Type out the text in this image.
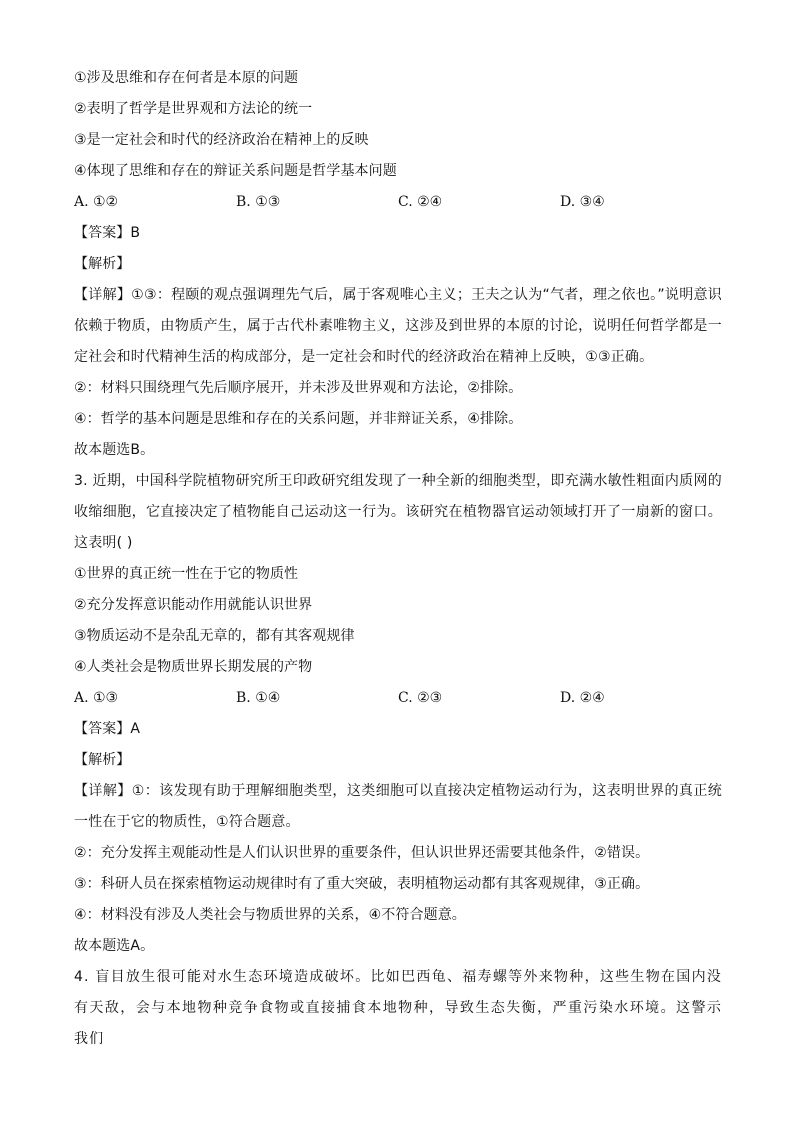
①涉及思维和存在何者是本原的问题
②表明了哲学是世界观和方法论的统一
③是一定社会和时代的经济政治在精神上的反映
④体现了思维和存在的辩证关系问题是哲学基本问题
A. ①②	B. ①③	C. ②④	D. ③④
【答案】B
【解析】
【详解】①③：程颐的观点强调理先气后，属于客观唯心主义；王夫之认为“气者，理之依也。”说明意识依赖于物质，由物质产生，属于古代朴素唯物主义，这涉及到世界的本原的讨论，说明任何哲学都是一定社会和时代精神生活的构成部分，是一定社会和时代的经济政治在精神上反映，①③正确。
②：材料只围绕理气先后顺序展开，并未涉及世界观和方法论，②排除。
④：哲学的基本问题是思维和存在的关系问题，并非辩证关系，④排除。
故本题选B。
3. 近期，中国科学院植物研究所王印政研究组发现了一种全新的细胞类型，即充满水敏性粗面内质网的收缩细胞，它直接决定了植物能自己运动这一行为。该研究在植物器官运动领域打开了一扇新的窗口。这表明( )
①世界的真正统一性在于它的物质性
②充分发挥意识能动作用就能认识世界
③物质运动不是杂乱无章的，都有其客观规律
④人类社会是物质世界长期发展的产物
A. ①③	B. ①④	C. ②③	D. ②④
【答案】A
【解析】
【详解】①：该发现有助于理解细胞类型，这类细胞可以直接决定植物运动行为，这表明世界的真正统一性在于它的物质性，①符合题意。
②：充分发挥主观能动性是人们认识世界的重要条件，但认识世界还需要其他条件，②错误。
③：科研人员在探索植物运动规律时有了重大突破，表明植物运动都有其客观规律，③正确。
④：材料没有涉及人类社会与物质世界的关系，④不符合题意。
故本题选A。
4. 盲目放生很可能对水生态环境造成破坏。比如巴西龟、福寿螺等外来物种，这些生物在国内没有天敌，会与本地物种竞争食物或直接捕食本地物种，导致生态失衡，严重污染水环境。这警示我们
